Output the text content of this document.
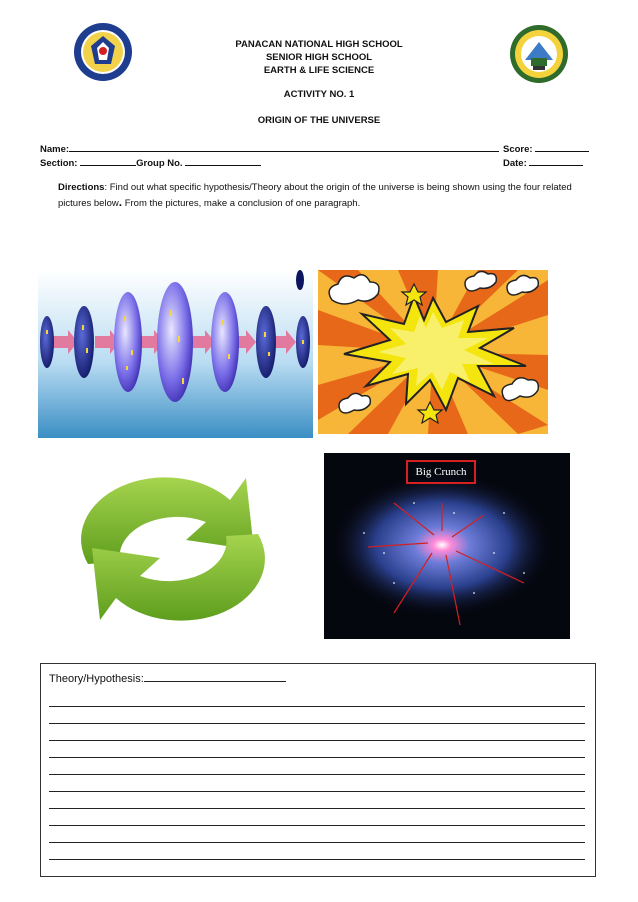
PANACAN NATIONAL HIGH SCHOOL
SENIOR HIGH SCHOOL
EARTH & LIFE SCIENCE
ACTIVITY NO. 1
ORIGIN OF THE UNIVERSE
Name:	Score:
Section:	Group No.	Date:
Directions: Find out what specific hypothesis/Theory about the origin of the universe is being shown using the four related pictures below. From the pictures, make a conclusion of one paragraph.
Big Crunch
Theory/Hypothesis:
